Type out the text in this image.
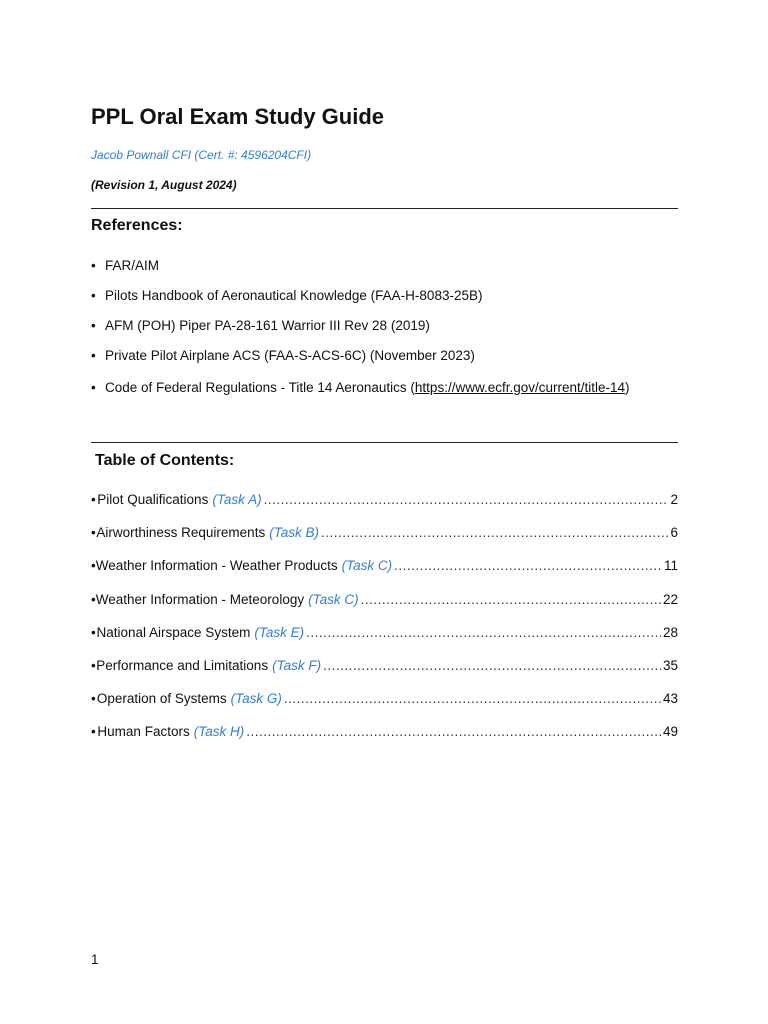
PPL Oral Exam Study Guide
Jacob Pownall CFI (Cert. #: 4596204CFI)
(Revision 1, August 2024)
References:
• FAR/AIM
• Pilots Handbook of Aeronautical Knowledge (FAA-H-8083-25B)
• AFM (POH) Piper PA-28-161 Warrior III Rev 28 (2019)
• Private Pilot Airplane ACS (FAA-S-ACS-6C) (November 2023)
• Code of Federal Regulations - Title 14 Aeronautics (https://www.ecfr.gov/current/title-14)
Table of Contents:
• Pilot Qualifications (Task A) .....	2
• Airworthiness Requirements (Task B) .....	6
• Weather Information - Weather Products (Task C) .....	11
• Weather Information - Meteorology (Task C) .....	22
• National Airspace System (Task E) .....	28
• Performance and Limitations (Task F) .....	35
• Operation of Systems (Task G) .....	43
• Human Factors (Task H) .....	49
1
